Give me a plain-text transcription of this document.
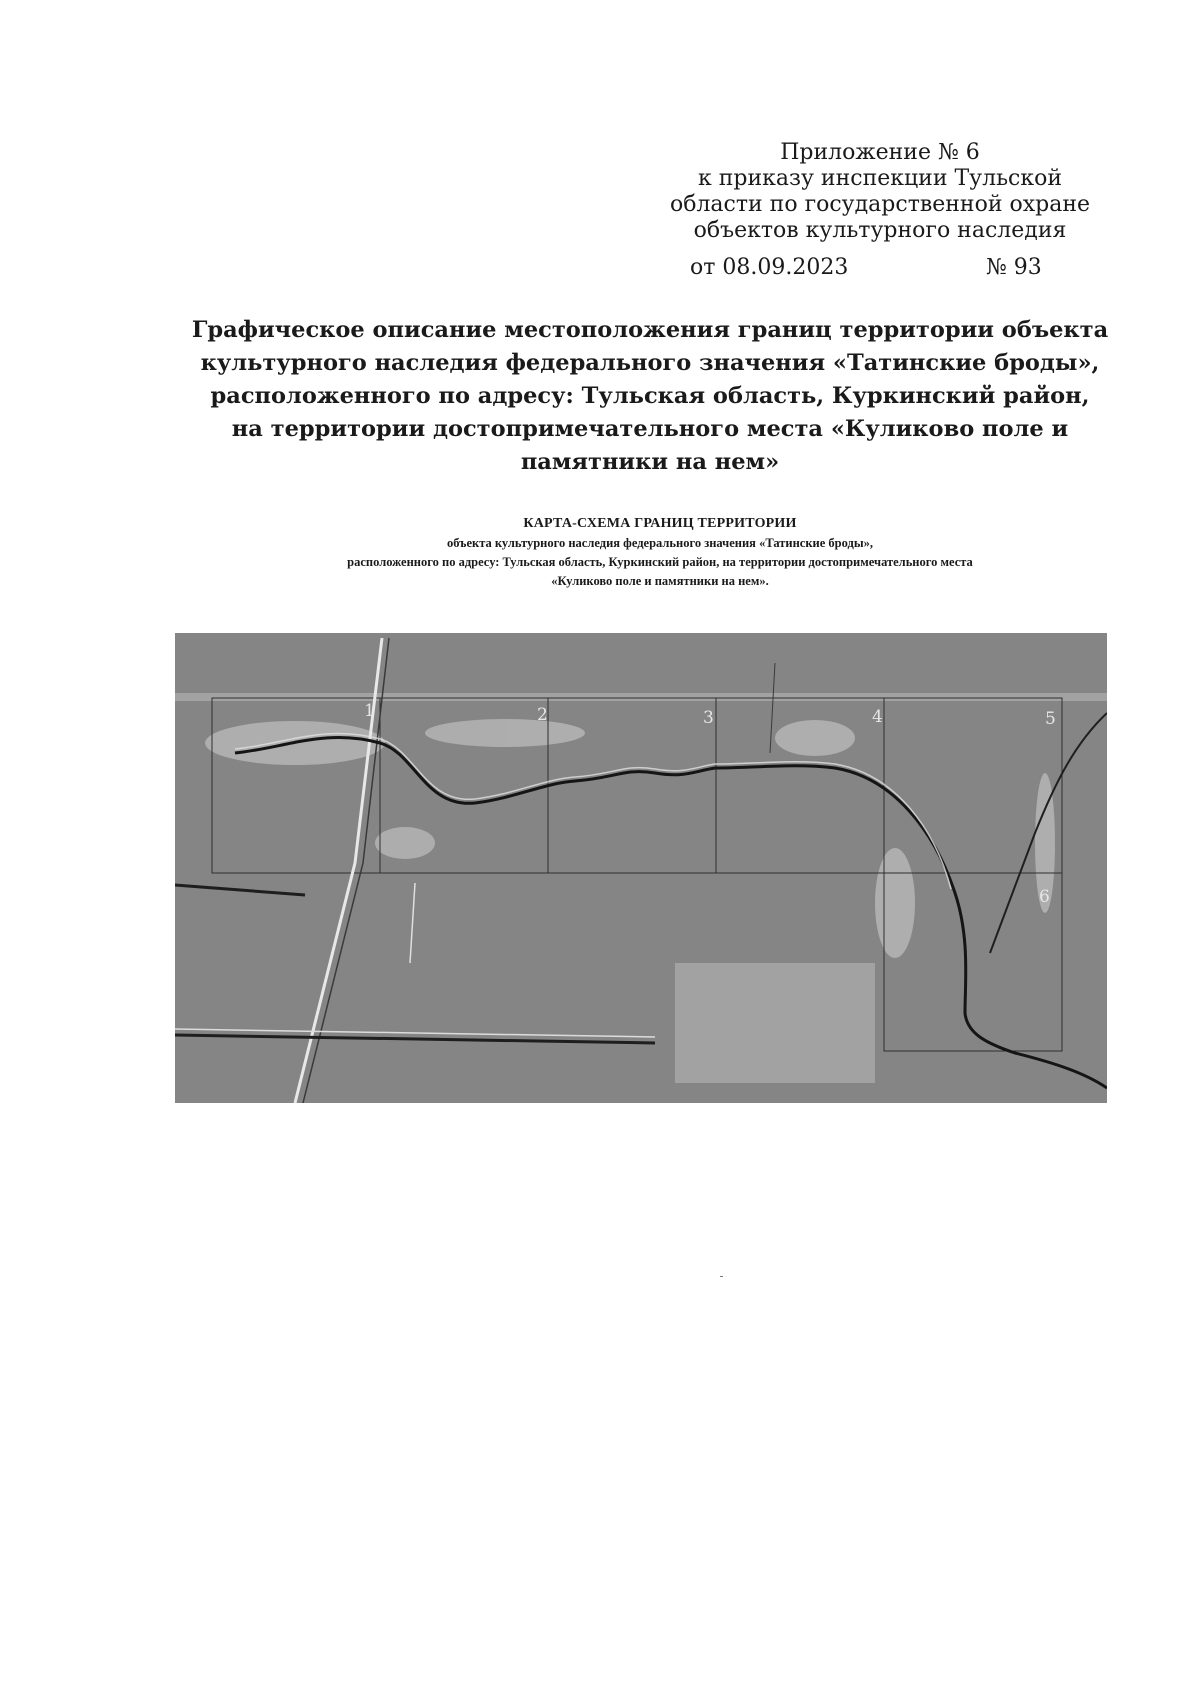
Приложение № 6
к приказу инспекции Тульской
области по государственной охране
объектов культурного наследия
от 08.09.2023	№ 93
Графическое описание местоположения границ территории объекта
культурного наследия федерального значения «Татинские броды»,
расположенного по адресу: Тульская область, Куркинский район,
на территории достопримечательного места «Куликово поле и
памятники на нем»
КАРТА-СХЕМА ГРАНИЦ ТЕРРИТОРИИ
объекта культурного наследия федерального значения «Татинские броды»,
расположенного по адресу: Тульская область, Куркинский район, на территории достопримечательного места
«Куликово поле и памятники на нем».
1	2	3	4	5
6
